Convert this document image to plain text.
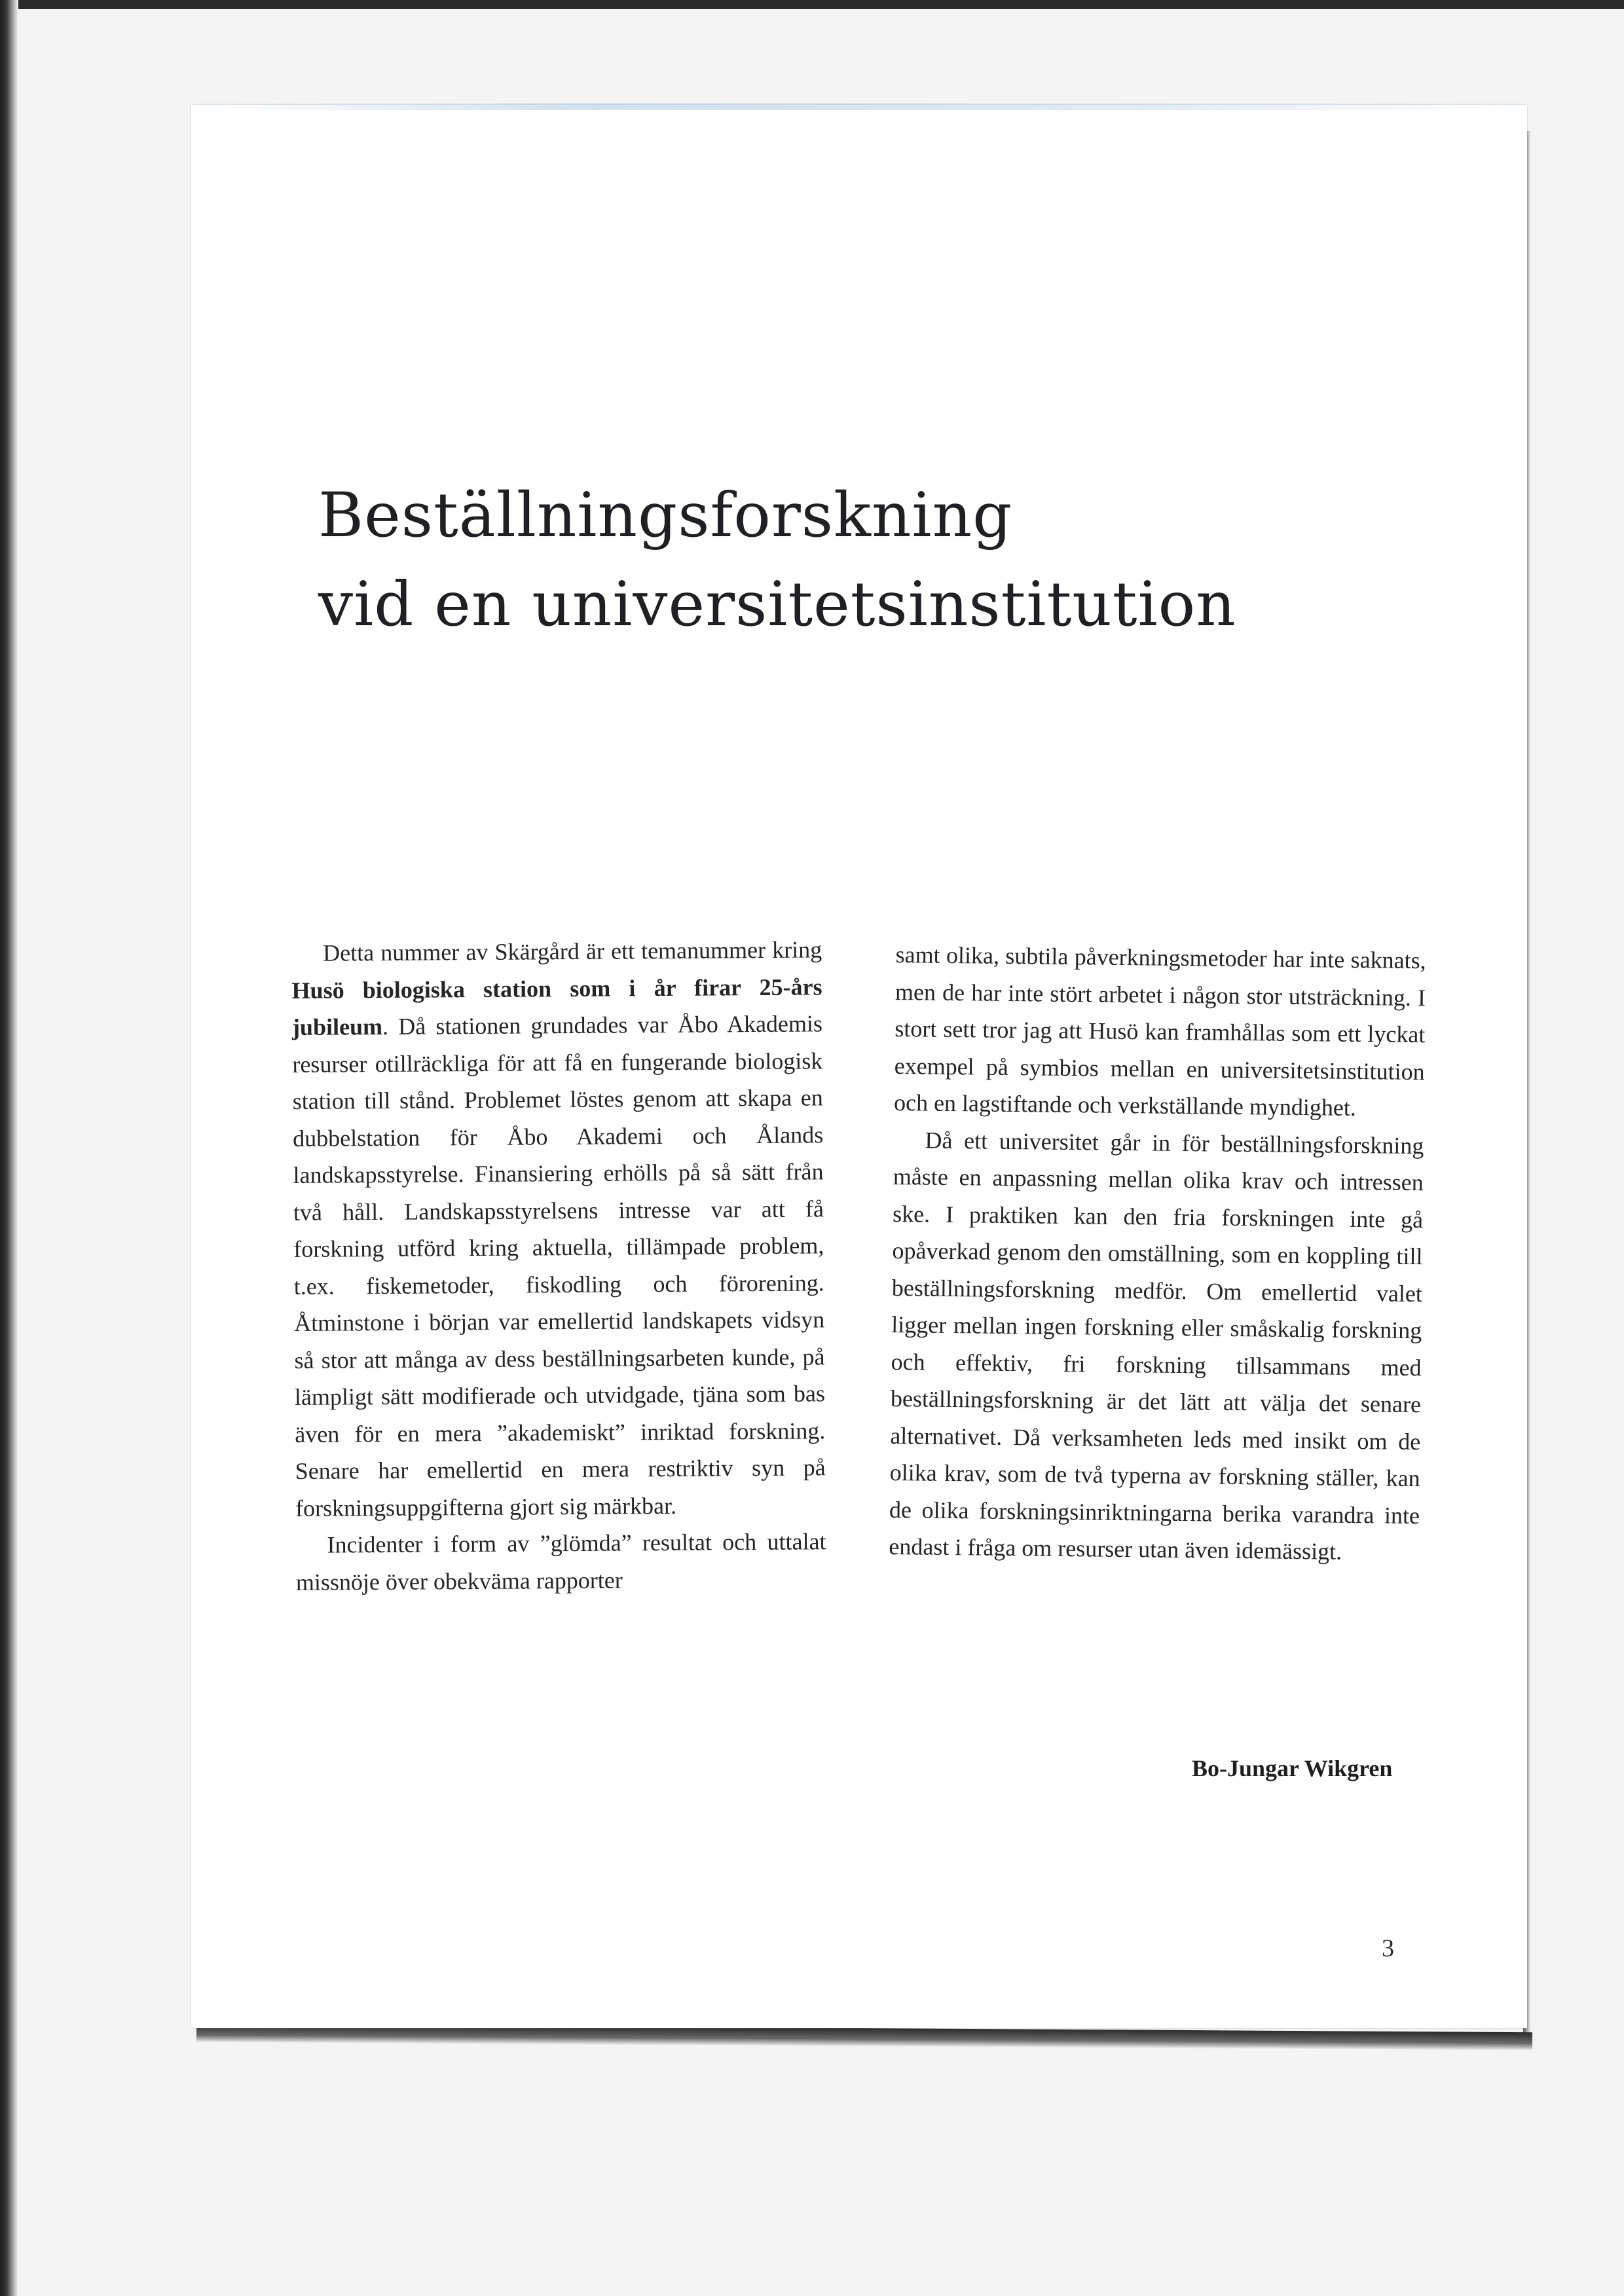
Beställningsforskning
vid en universitetsinstitution

Detta nummer av Skärgård är ett temanummer kring Husö biologiska station som i år firar 25-års jubileum. Då stationen grundades var Åbo Akademis resurser otillräckliga för att få en fungerande biologisk station till stånd. Problemet löstes genom att skapa en dubbelstation för Åbo Akademi och Ålands landskapsstyrelse. Finansiering erhölls på så sätt från två håll. Landskapsstyrelsens intresse var att få forskning utförd kring aktuella, tillämpade problem, t.ex. fiskemetoder, fiskodling och förorening. Åtminstone i början var emellertid landskapets vidsyn så stor att många av dess beställningsarbeten kunde, på lämpligt sätt modifierade och utvidgade, tjäna som bas även för en mera ”akademiskt” inriktad forskning. Senare har emellertid en mera restriktiv syn på forskningsuppgifterna gjort sig märkbar.

Incidenter i form av ”glömda” resultat och uttalat missnöje över obekväma rapporter

samt olika, subtila påverkningsmetoder har inte saknats, men de har inte stört arbetet i någon stor utsträckning. I stort sett tror jag att Husö kan framhållas som ett lyckat exempel på symbios mellan en universitetsinstitution och en lagstiftande och verkställande myndighet.

Då ett universitet går in för beställningsforskning måste en anpassning mellan olika krav och intressen ske. I praktiken kan den fria forskningen inte gå opåverkad genom den omställning, som en koppling till beställningsforskning medför. Om emellertid valet ligger mellan ingen forskning eller småskalig forskning och effektiv, fri forskning tillsammans med beställningsforskning är det lätt att välja det senare alternativet. Då verksamheten leds med insikt om de olika krav, som de två typerna av forskning ställer, kan de olika forskningsinriktningarna berika varandra inte endast i fråga om resurser utan även idemässigt.

Bo-Jungar Wikgren
3
